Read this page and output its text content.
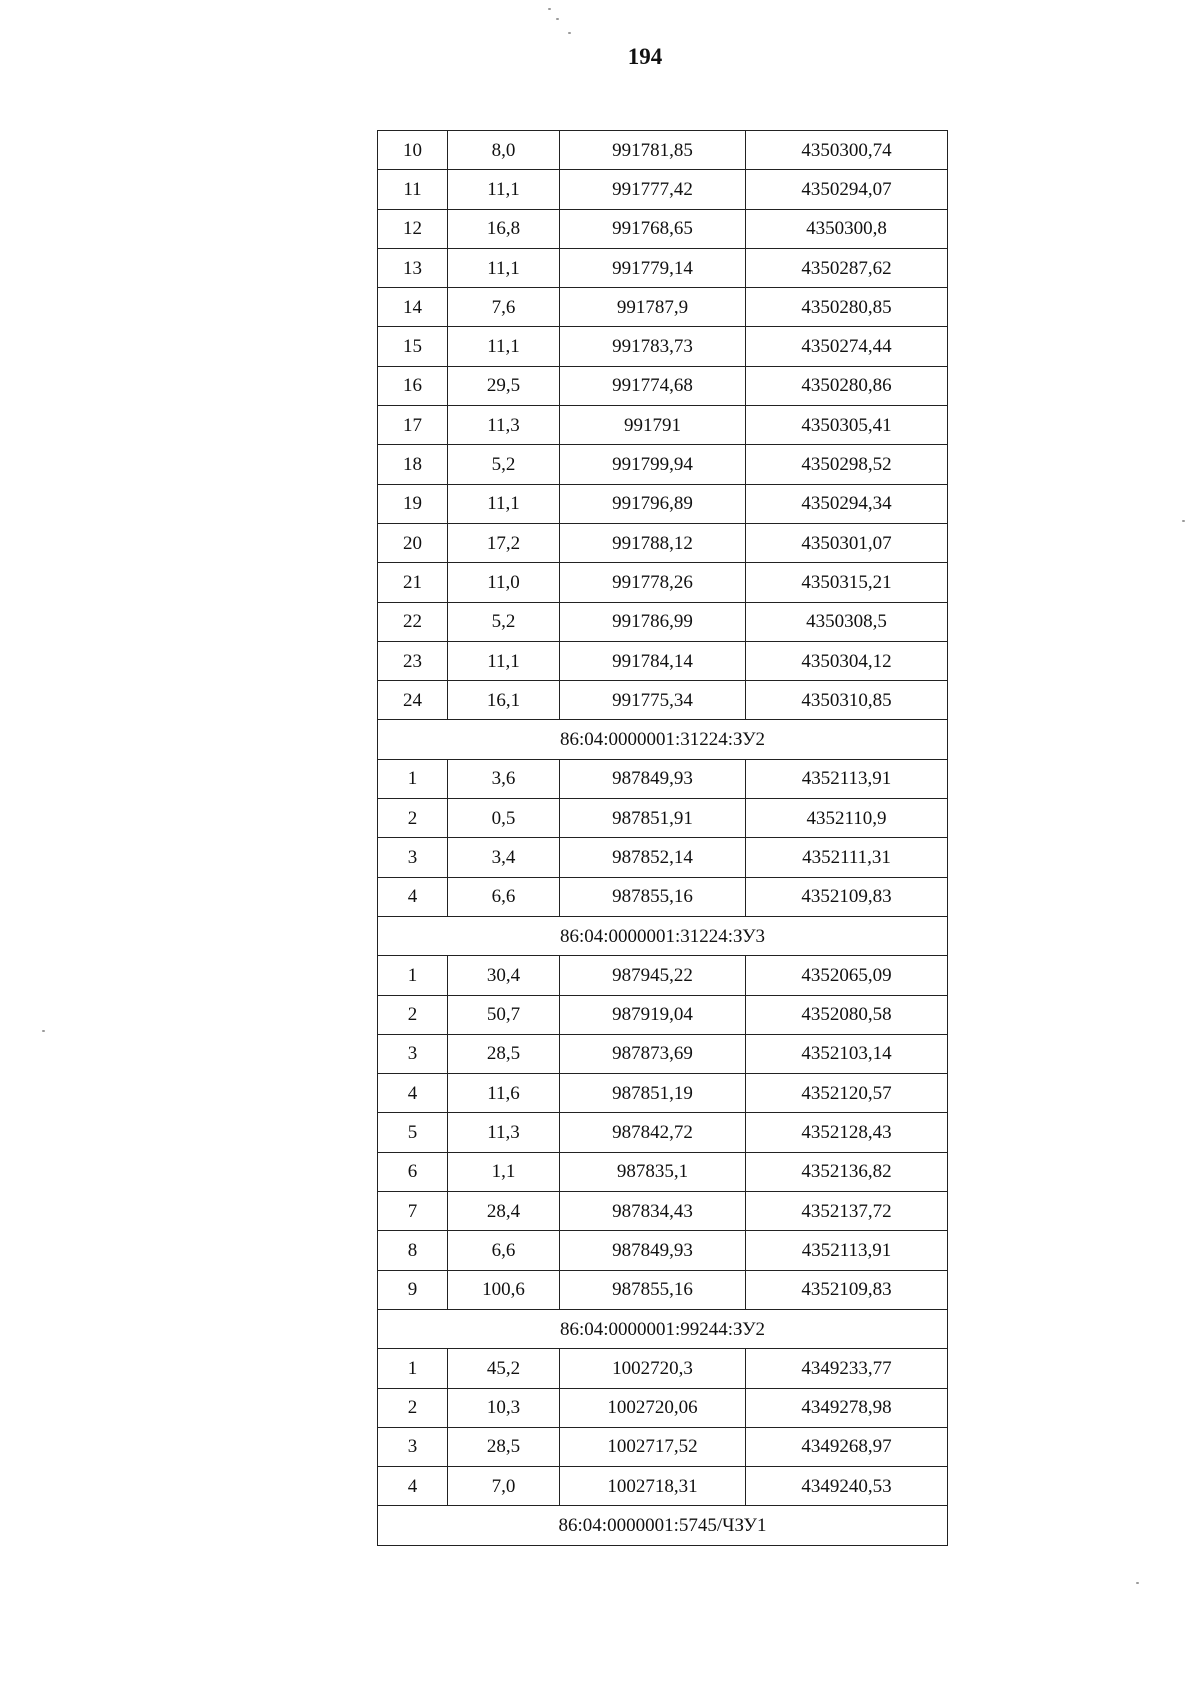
194
10	8,0	991781,85	4350300,74
11	11,1	991777,42	4350294,07
12	16,8	991768,65	4350300,8
13	11,1	991779,14	4350287,62
14	7,6	991787,9	4350280,85
15	11,1	991783,73	4350274,44
16	29,5	991774,68	4350280,86
17	11,3	991791	4350305,41
18	5,2	991799,94	4350298,52
19	11,1	991796,89	4350294,34
20	17,2	991788,12	4350301,07
21	11,0	991778,26	4350315,21
22	5,2	991786,99	4350308,5
23	11,1	991784,14	4350304,12
24	16,1	991775,34	4350310,85
86:04:0000001:31224:ЗУ2			
1	3,6	987849,93	4352113,91
2	0,5	987851,91	4352110,9
3	3,4	987852,14	4352111,31
4	6,6	987855,16	4352109,83
86:04:0000001:31224:ЗУ3			
1	30,4	987945,22	4352065,09
2	50,7	987919,04	4352080,58
3	28,5	987873,69	4352103,14
4	11,6	987851,19	4352120,57
5	11,3	987842,72	4352128,43
6	1,1	987835,1	4352136,82
7	28,4	987834,43	4352137,72
8	6,6	987849,93	4352113,91
9	100,6	987855,16	4352109,83
86:04:0000001:99244:ЗУ2			
1	45,2	1002720,3	4349233,77
2	10,3	1002720,06	4349278,98
3	28,5	1002717,52	4349268,97
4	7,0	1002718,31	4349240,53
86:04:0000001:5745/ЧЗУ1			
